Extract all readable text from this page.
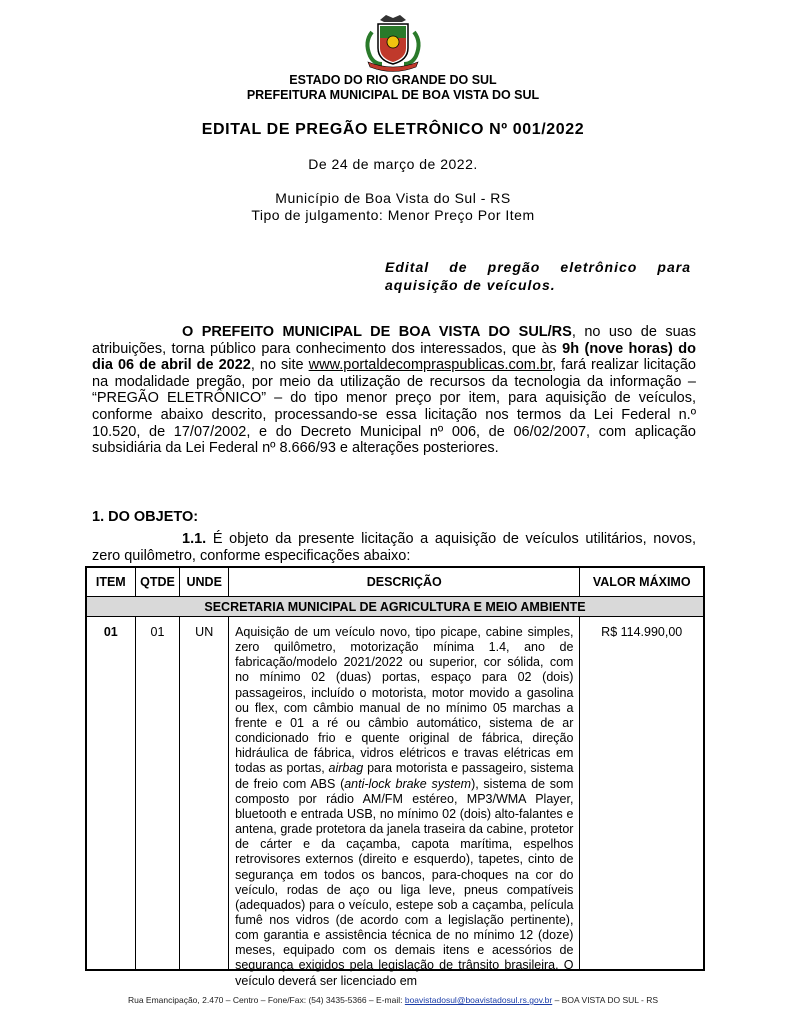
ESTADO DO RIO GRANDE DO SUL
PREFEITURA MUNICIPAL DE BOA VISTA DO SUL
EDITAL DE PREGÃO ELETRÔNICO Nº 001/2022
De 24 de março de 2022.
Município de Boa Vista do Sul - RS
Tipo de julgamento: Menor Preço Por Item
Edital de pregão eletrônico para aquisição de veículos.

O PREFEITO MUNICIPAL DE BOA VISTA DO SUL/RS, no uso de suas atribuições, torna público para conhecimento dos interessados, que às 9h (nove horas) do dia 06 de abril de 2022, no site www.portaldecompraspublicas.com.br, fará realizar licitação na modalidade pregão, por meio da utilização de recursos da tecnologia da informação – “PREGÃO ELETRÔNICO” – do tipo menor preço por item, para aquisição de veículos, conforme abaixo descrito, processando-se essa licitação nos termos da Lei Federal n.º 10.520, de 17/07/2002, e do Decreto Municipal nº 006, de 06/02/2007, com aplicação subsidiária da Lei Federal nº 8.666/93 e alterações posteriores.

1. DO OBJETO:
1.1. É objeto da presente licitação a aquisição de veículos utilitários, novos, zero quilômetro, conforme especificações abaixo:
ITEM	QTDE	UNDE	DESCRIÇÃO	VALOR MÁXIMO
SECRETARIA MUNICIPAL DE AGRICULTURA E MEIO AMBIENTE				
01	01	UN	Aquisição de um veículo novo, tipo picape, cabine simples, zero quilômetro, motorização mínima 1.4, ano de fabricação/modelo 2021/2022 ou superior, cor sólida, com no mínimo 02 (duas) portas, espaço para 02 (dois) passageiros, incluído o motorista, motor movido a gasolina ou flex, com câmbio manual de no mínimo 05 marchas a frente e 01 a ré ou câmbio automático, sistema de ar condicionado frio e quente original de fábrica, direção hidráulica de fábrica, vidros elétricos e travas elétricas em todas as portas, airbag para motorista e passageiro, sistema de freio com ABS (anti-lock brake system), sistema de som composto por rádio AM/FM estéreo, MP3/WMA Player, bluetooth e entrada USB, no mínimo 02 (dois) alto-falantes e antena, grade protetora da janela traseira da cabine, protetor de cárter e da caçamba, capota marítima, espelhos retrovisores externos (direito e esquerdo), tapetes, cinto de segurança em todos os bancos, para-choques na cor do veículo, rodas de aço ou liga leve, pneus compatíveis (adequados) para o veículo, estepe sob a caçamba, película fumê nos vidros (de acordo com a legislação pertinente), com garantia e assistência técnica de no mínimo 12 (doze) meses, equipado com os demais itens e acessórios de segurança exigidos pela legislação de trânsito brasileira. O veículo deverá ser licenciado em	R$ 114.990,00
Rua Emancipação, 2.470 – Centro – Fone/Fax: (54) 3435-5366 – E-mail: boavistadosul@boavistadosul.rs.gov.br – BOA VISTA DO SUL - RS
